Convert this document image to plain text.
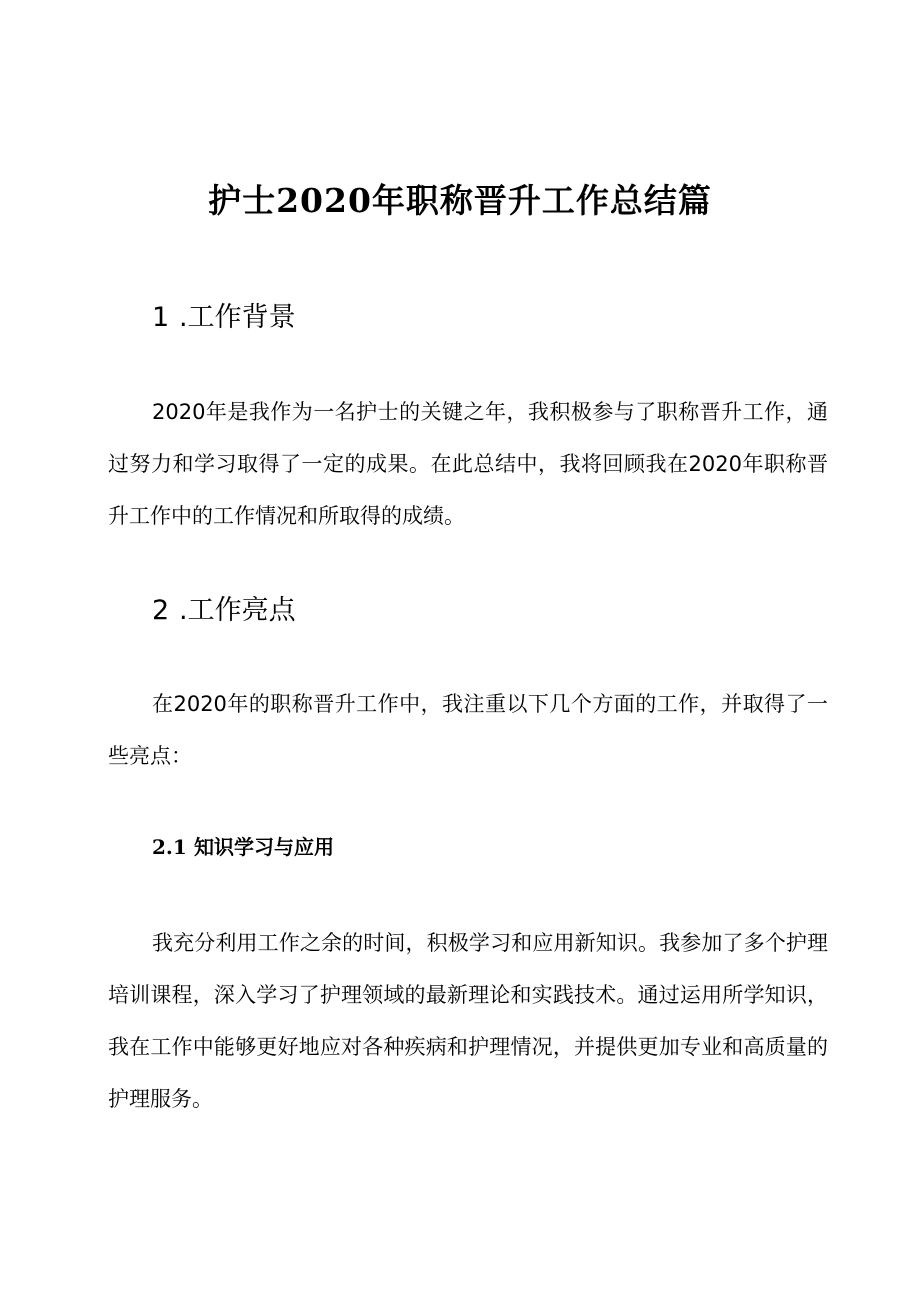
护士2020年职称晋升工作总结篇
1 .工作背景

2020年是我作为一名护士的关键之年，我积极参与了职称晋升工作，通过努力和学习取得了一定的成果。在此总结中，我将回顾我在2020年职称晋升工作中的工作情况和所取得的成绩。

2 .工作亮点

在2020年的职称晋升工作中，我注重以下几个方面的工作，并取得了一些亮点：

2.1 知识学习与应用

我充分利用工作之余的时间，积极学习和应用新知识。我参加了多个护理培训课程，深入学习了护理领域的最新理论和实践技术。通过运用所学知识，我在工作中能够更好地应对各种疾病和护理情况，并提供更加专业和高质量的护理服务。
